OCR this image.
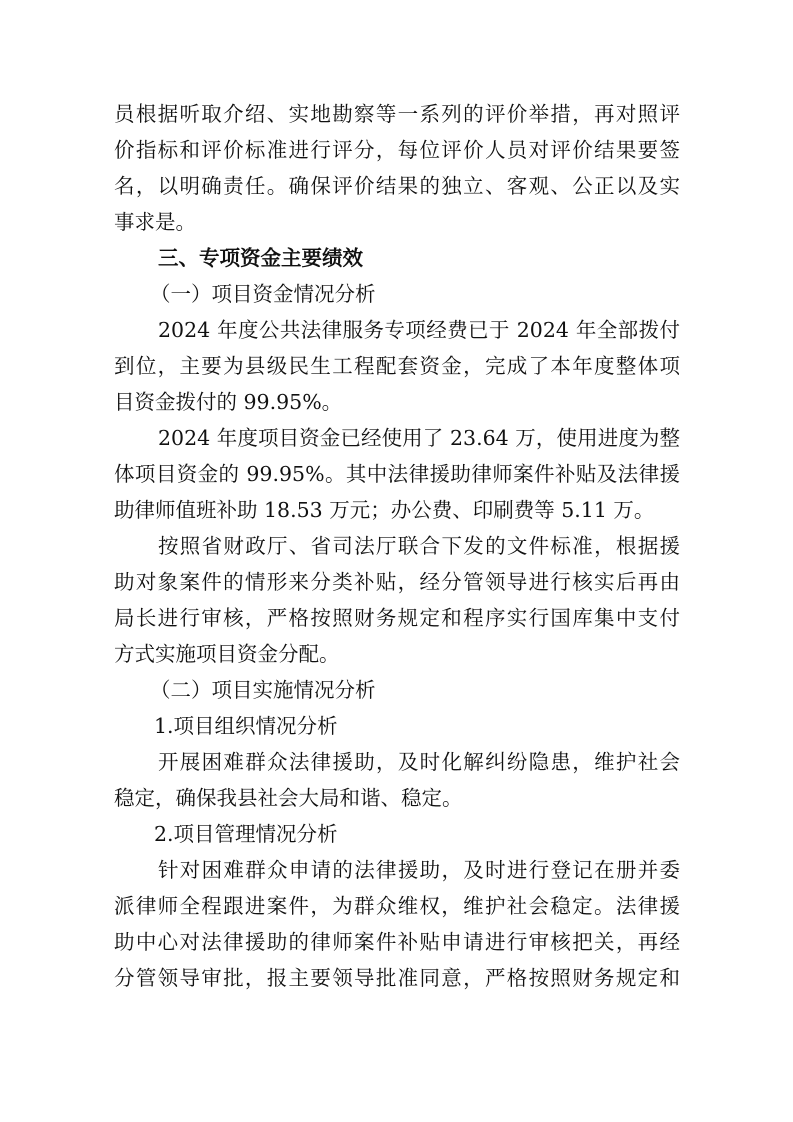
员根据听取介绍、实地勘察等一系列的评价举措，再对照评
价指标和评价标准进行评分，每位评价人员对评价结果要签
名，以明确责任。确保评价结果的独立、客观、公正以及实
事求是。
三、专项资金主要绩效
（一）项目资金情况分析
2024 年度公共法律服务专项经费已于 2024 年全部拨付
到位，主要为县级民生工程配套资金，完成了本年度整体项
目资金拨付的 99.95%。
2024 年度项目资金已经使用了 23.64 万，使用进度为整
体项目资金的 99.95%。其中法律援助律师案件补贴及法律援
助律师值班补助 18.53 万元；办公费、印刷费等 5.11 万。
按照省财政厅、省司法厅联合下发的文件标准，根据援
助对象案件的情形来分类补贴，经分管领导进行核实后再由
局长进行审核，严格按照财务规定和程序实行国库集中支付
方式实施项目资金分配。
（二）项目实施情况分析
1.项目组织情况分析
开展困难群众法律援助，及时化解纠纷隐患，维护社会
稳定，确保我县社会大局和谐、稳定。
2.项目管理情况分析
针对困难群众申请的法律援助，及时进行登记在册并委
派律师全程跟进案件，为群众维权，维护社会稳定。法律援
助中心对法律援助的律师案件补贴申请进行审核把关，再经
分管领导审批，报主要领导批准同意，严格按照财务规定和
